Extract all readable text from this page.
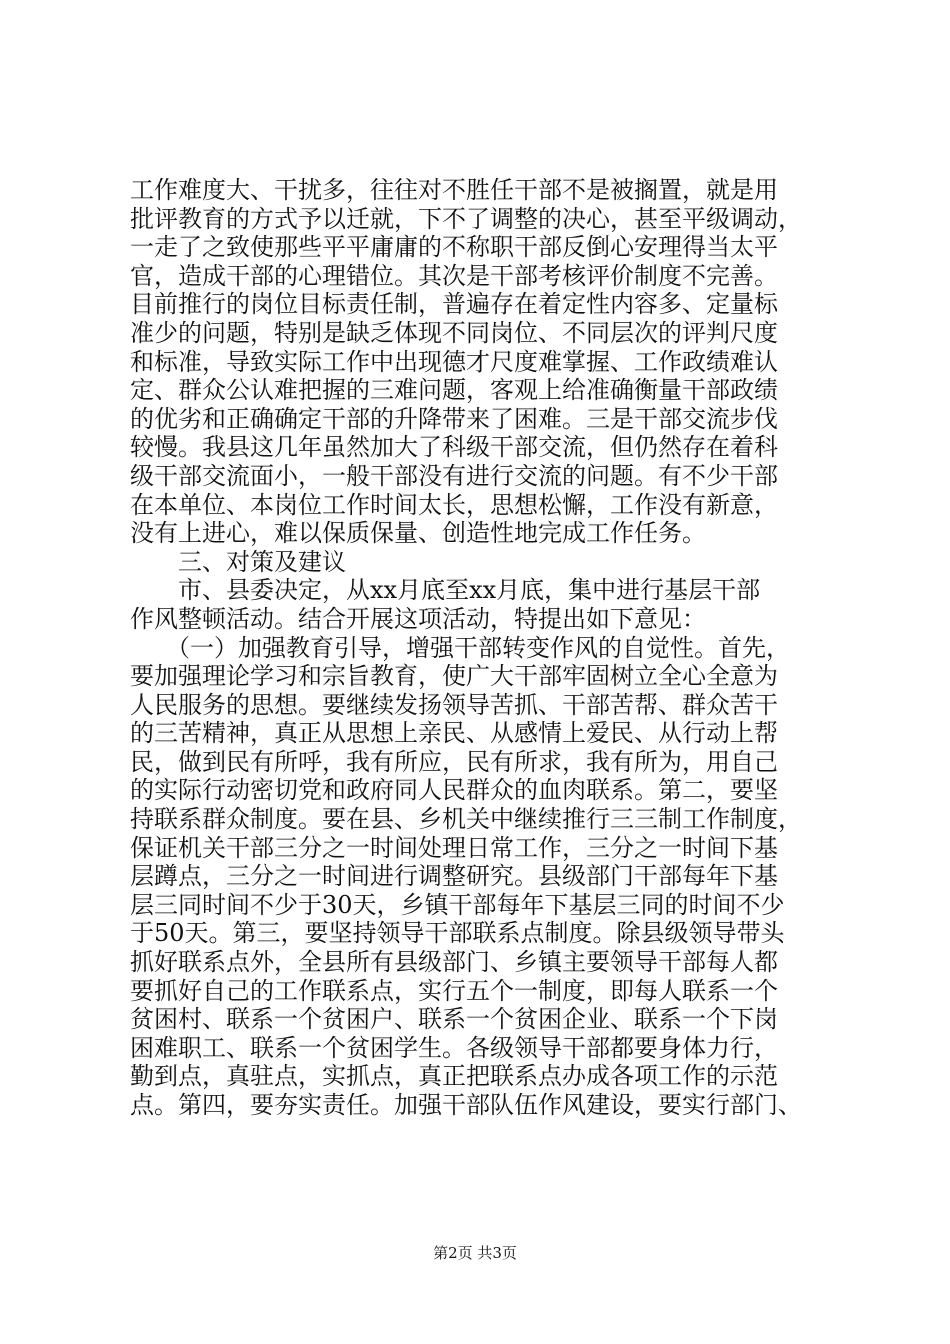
工作难度大、干扰多，往往对不胜任干部不是被搁置，就是用
批评教育的方式予以迁就，下不了调整的决心，甚至平级调动，
一走了之致使那些平平庸庸的不称职干部反倒心安理得当太平
官，造成干部的心理错位。其次是干部考核评价制度不完善。
目前推行的岗位目标责任制，普遍存在着定性内容多、定量标
准少的问题，特别是缺乏体现不同岗位、不同层次的评判尺度
和标准，导致实际工作中出现德才尺度难掌握、工作政绩难认
定、群众公认难把握的三难问题，客观上给准确衡量干部政绩
的优劣和正确确定干部的升降带来了困难。三是干部交流步伐
较慢。我县这几年虽然加大了科级干部交流，但仍然存在着科
级干部交流面小，一般干部没有进行交流的问题。有不少干部
在本单位、本岗位工作时间太长，思想松懈，工作没有新意，
没有上进心，难以保质保量、创造性地完成工作任务。
　　三、对策及建议
　　市、县委决定，从xx月底至xx月底，集中进行基层干部
作风整顿活动。结合开展这项活动，特提出如下意见：
　　（一）加强教育引导，增强干部转变作风的自觉性。首先，
要加强理论学习和宗旨教育，使广大干部牢固树立全心全意为
人民服务的思想。要继续发扬领导苦抓、干部苦帮、群众苦干
的三苦精神，真正从思想上亲民、从感情上爱民、从行动上帮
民，做到民有所呼，我有所应，民有所求，我有所为，用自己
的实际行动密切党和政府同人民群众的血肉联系。第二，要坚
持联系群众制度。要在县、乡机关中继续推行三三制工作制度，
保证机关干部三分之一时间处理日常工作，三分之一时间下基
层蹲点，三分之一时间进行调整研究。县级部门干部每年下基
层三同时间不少于30天，乡镇干部每年下基层三同的时间不少
于50天。第三，要坚持领导干部联系点制度。除县级领导带头
抓好联系点外，全县所有县级部门、乡镇主要领导干部每人都
要抓好自己的工作联系点，实行五个一制度，即每人联系一个
贫困村、联系一个贫困户、联系一个贫困企业、联系一个下岗
困难职工、联系一个贫困学生。各级领导干部都要身体力行，
勤到点，真驻点，实抓点，真正把联系点办成各项工作的示范
点。第四，要夯实责任。加强干部队伍作风建设，要实行部门、
第2页 共3页
